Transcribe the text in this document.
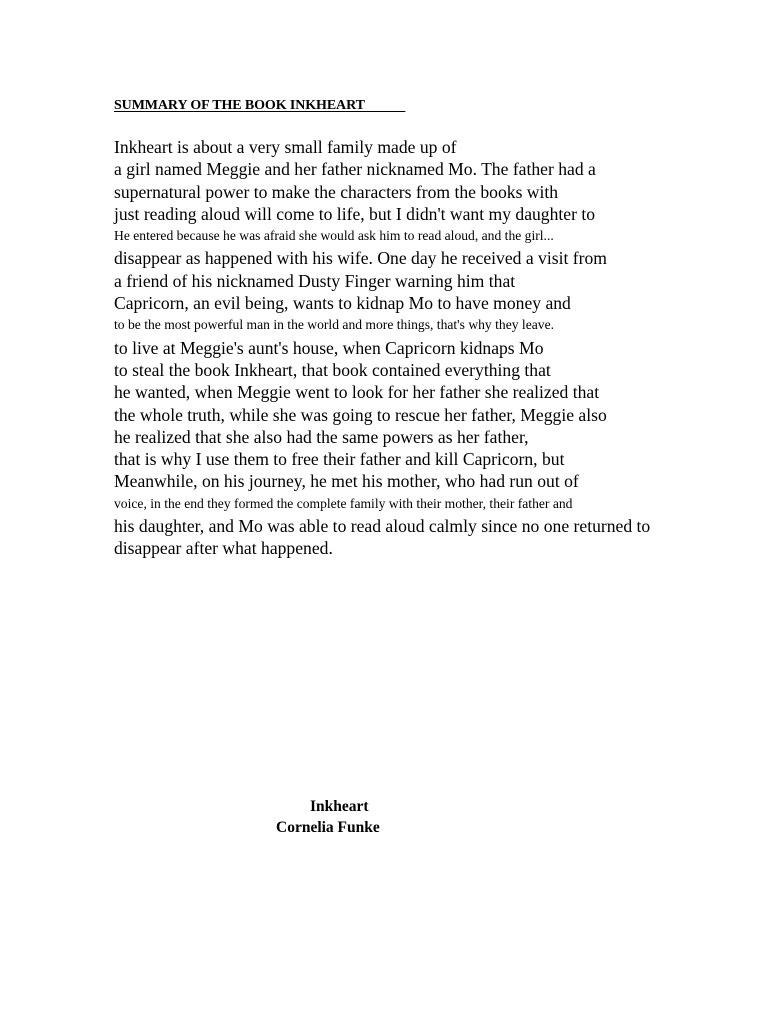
SUMMARY OF THE BOOK INKHEART
Inkheart is about a very small family made up of
a girl named Meggie and her father nicknamed Mo. The father had a
supernatural power to make the characters from the books with
just reading aloud will come to life, but I didn't want my daughter to
He entered because he was afraid she would ask him to read aloud, and the girl...
disappear as happened with his wife. One day he received a visit from
a friend of his nicknamed Dusty Finger warning him that
Capricorn, an evil being, wants to kidnap Mo to have money and
to be the most powerful man in the world and more things, that's why they leave.
to live at Meggie's aunt's house, when Capricorn kidnaps Mo
to steal the book Inkheart, that book contained everything that
he wanted, when Meggie went to look for her father she realized that
the whole truth, while she was going to rescue her father, Meggie also
he realized that she also had the same powers as her father,
that is why I use them to free their father and kill Capricorn, but
Meanwhile, on his journey, he met his mother, who had run out of
voice, in the end they formed the complete family with their mother, their father and
his daughter, and Mo was able to read aloud calmly since no one returned to
disappear after what happened.
Inkheart
Cornelia Funke
